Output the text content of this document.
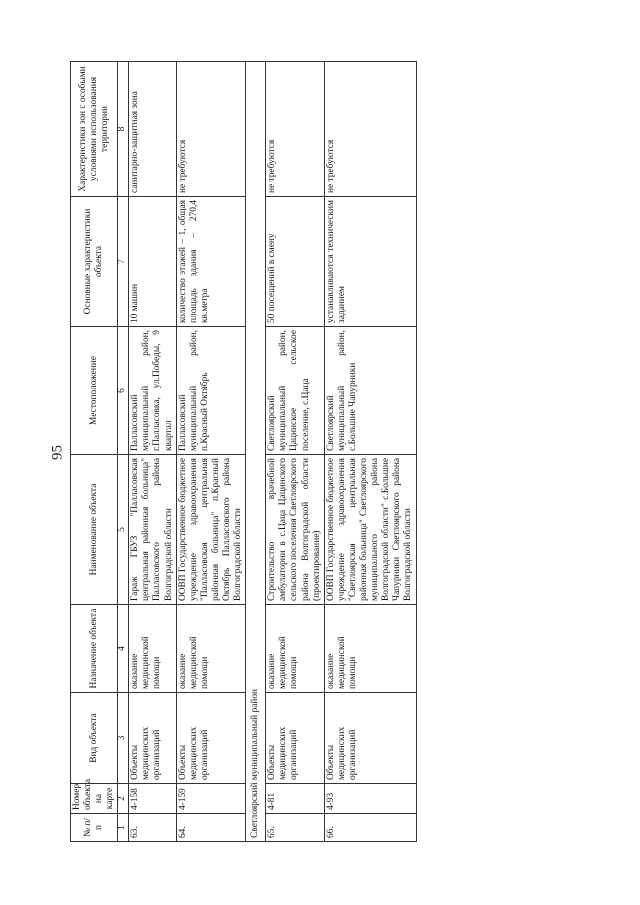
95
№ п/п	Номер объекта на карте	Вид объекта	Назначение объекта	Наименование объекта	Местоположение	Основные характеристики объекта	Характеристики зон с особыми условиями использования территории
1	2	3	4	5	6	7	8
63.	4-158	Объекты медицинских организаций	оказание медицинской помощи	Гараж ГБУЗ "Палласовская центральная районная больница" Палласовского района Волгоградской области	Палласовский муниципальный район, г.Палласовка, ул.Победы, 9 квартал	10 машин	санитарно-защитная зона
64.	4-159	Объекты медицинских организаций	оказание медицинской помощи	ООВП Государственное бюджетное учреждение здравоохранения "Палласовская центральная районная больница" п.Красный Октябрь Палласовского района Волгоградской области	Палласовский муниципальный район, п.Красный Октябрь	количество этажей – 1, общая площадь здания – 270,4 кв.метра	не требуются
Светлоярский муниципальный район							
65.	4-81	Объекты медицинских организаций	оказание медицинской помощи	Строительство врачебной амбулатории в с.Цаца Цацинского сельского поселения Светлоярского района Волгоградской области (проектирование)	Светлоярский муниципальный район, Цацинское сельское поселение, с.Цаца	50 посещений в смену	не требуются
66.	4-93	Объекты медицинских организаций	оказание медицинской помощи	ООВП Государственное бюджетное учреждение здравоохранения "Светлоярская центральная районная больница" Светлоярского муниципального района Волгоградской области" с.Большие Чапурники Светлоярского района Волгоградской области	Светлоярский муниципальный район, с.Большие Чапурники	устанавливаются техническим заданием	не требуются
